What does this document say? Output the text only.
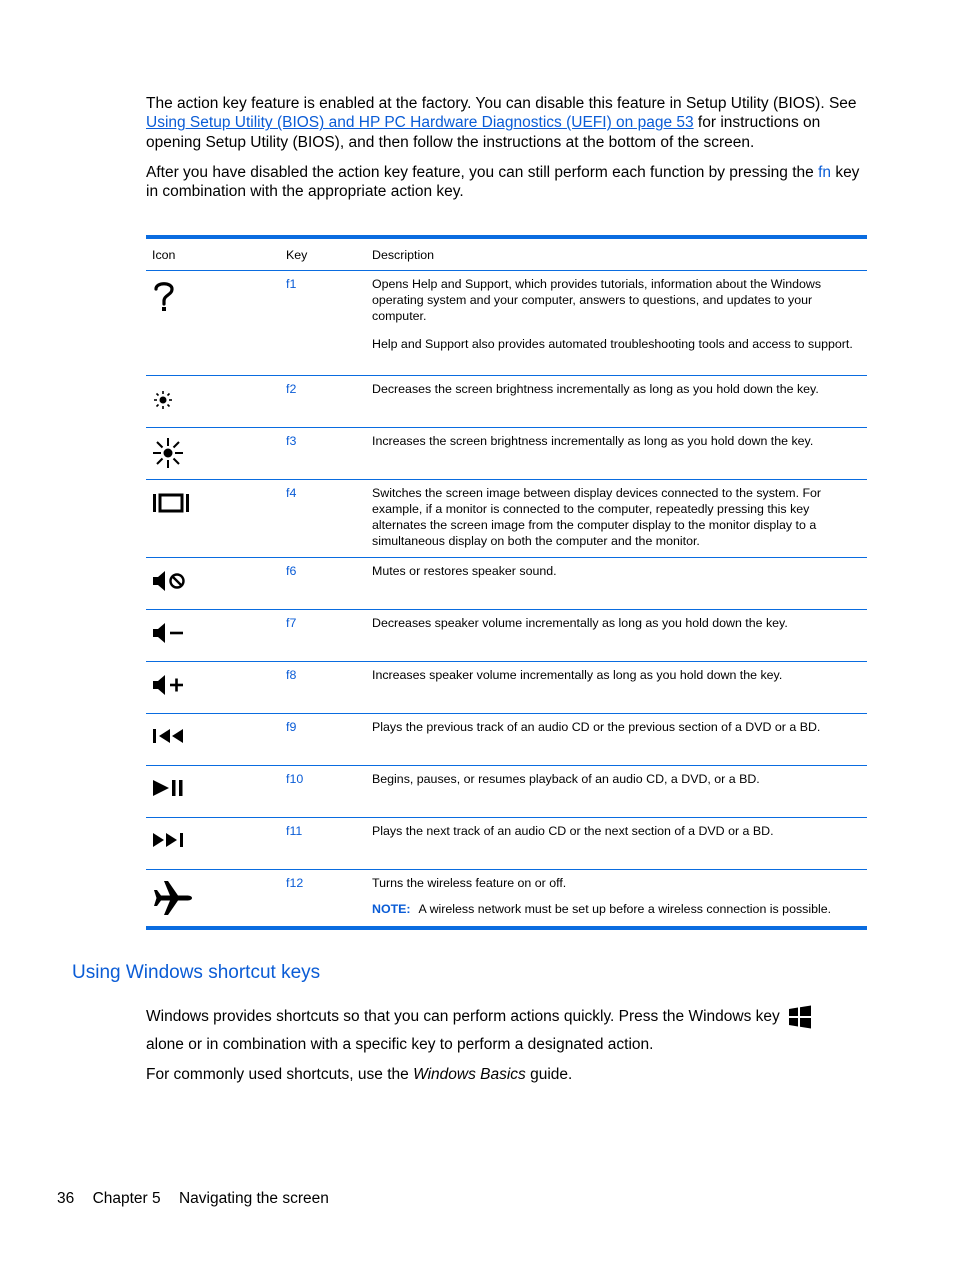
The action key feature is enabled at the factory. You can disable this feature in Setup Utility (BIOS). See Using Setup Utility (BIOS) and HP PC Hardware Diagnostics (UEFI) on page 53 for instructions on opening Setup Utility (BIOS), and then follow the instructions at the bottom of the screen.

After you have disabled the action key feature, you can still perform each function by pressing the fn key in combination with the appropriate action key.

Icon	Key	Description

	f1	Opens Help and Support, which provides tutorials, information about the Windows operating system and your computer, answers to questions, and updates to your computer.

Help and Support also provides automated troubleshooting tools and access to support.

	f2	Decreases the screen brightness incrementally as long as you hold down the key.

	f3	Increases the screen brightness incrementally as long as you hold down the key.

	f4	Switches the screen image between display devices connected to the system. For example, if a monitor is connected to the computer, repeatedly pressing this key alternates the screen image from the computer display to the monitor display to a simultaneous display on both the computer and the monitor.

	f6	Mutes or restores speaker sound.

	f7	Decreases speaker volume incrementally as long as you hold down the key.

	f8	Increases speaker volume incrementally as long as you hold down the key.

	f9	Plays the previous track of an audio CD or the previous section of a DVD or a BD.

	f10	Begins, pauses, or resumes playback of an audio CD, a DVD, or a BD.

	f11	Plays the next track of an audio CD or the next section of a DVD or a BD.

	f12	Turns the wireless feature on or off.

NOTE: A wireless network must be set up before a wireless connection is possible.

Using Windows shortcut keys

Windows provides shortcuts so that you can perform actions quickly. Press the Windows key

alone or in combination with a specific key to perform a designated action.

For commonly used shortcuts, use the Windows Basics guide.

36 Chapter 5 Navigating the screen
